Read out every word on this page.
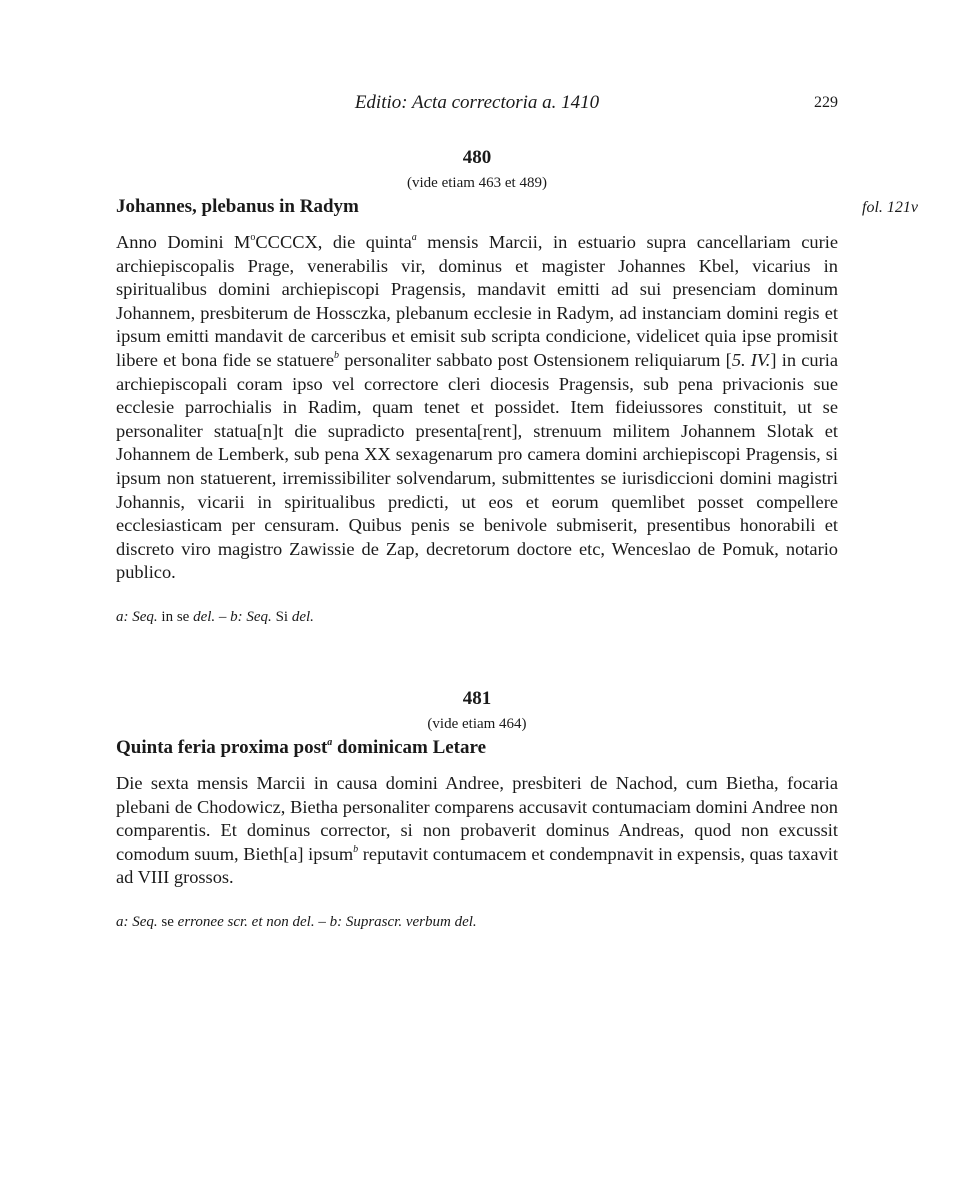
Editio: Acta correctoria a. 1410	229
480
(vide etiam 463 et 489)
Johannes, plebanus in Radym	fol. 121v

Anno Domini $M^oCCCCX$, die quinta$^a$ mensis Marcii, in estuario supra cancellariam curie archiepiscopalis Prage, venerabilis vir, dominus et magister Johannes Kbel, vicarius in spiritualibus domini archiepiscopi Pragensis, mandavit emitti ad sui presenciam dominum Johannem, presbiterum de Hossczka, plebanum ecclesie in Radym, ad instanciam domini regis et ipsum emitti mandavit de carceribus et emisit sub scripta condicione, videlicet quia ipse promisit libere et bona fide se statuere$^b$ personaliter sabbato post Ostensionem reliquiarum [5. IV.] in curia archiepiscopali coram ipso vel correctore cleri diocesis Pragensis, sub pena privacionis sue ecclesie parrochialis in Radim, quam tenet et possidet. Item fideiussores constituit, ut se personaliter statua[n]t die supradicto presenta[rent], strenuum militem Johannem Slotak et Johannem de Lemberk, sub pena XX sexagenarum pro camera domini archiepiscopi Pragensis, si ipsum non statuerent, irremissibiliter solvendarum, submittentes se iurisdiccioni domini magistri Johannis, vicarii in spiritualibus predicti, ut eos et eorum quemlibet posset compellere ecclesiasticam per censuram. Quibus penis se benivole submiserit, presentibus honorabili et discreto viro magistro Zawissie de Zap, decretorum doctore etc, Wenceslao de Pomuk, notario publico.

a: Seq. in se del. – b: Seq. Si del.
481
(vide etiam 464)
Quinta feria proxima post$^a$ dominicam Letare

Die sexta mensis Marcii in causa domini Andree, presbiteri de Nachod, cum Bietha, focaria plebani de Chodowicz, Bietha personaliter comparens accusavit contumaciam domini Andree non comparentis. Et dominus corrector, si non probaverit dominus Andreas, quod non excussit comodum suum, Bieth[a] ipsum$^b$ reputavit contumacem et condempnavit in expensis, quas taxavit ad VIII grossos.

a: Seq. se erronee scr. et non del. – b: Suprascr. verbum del.
